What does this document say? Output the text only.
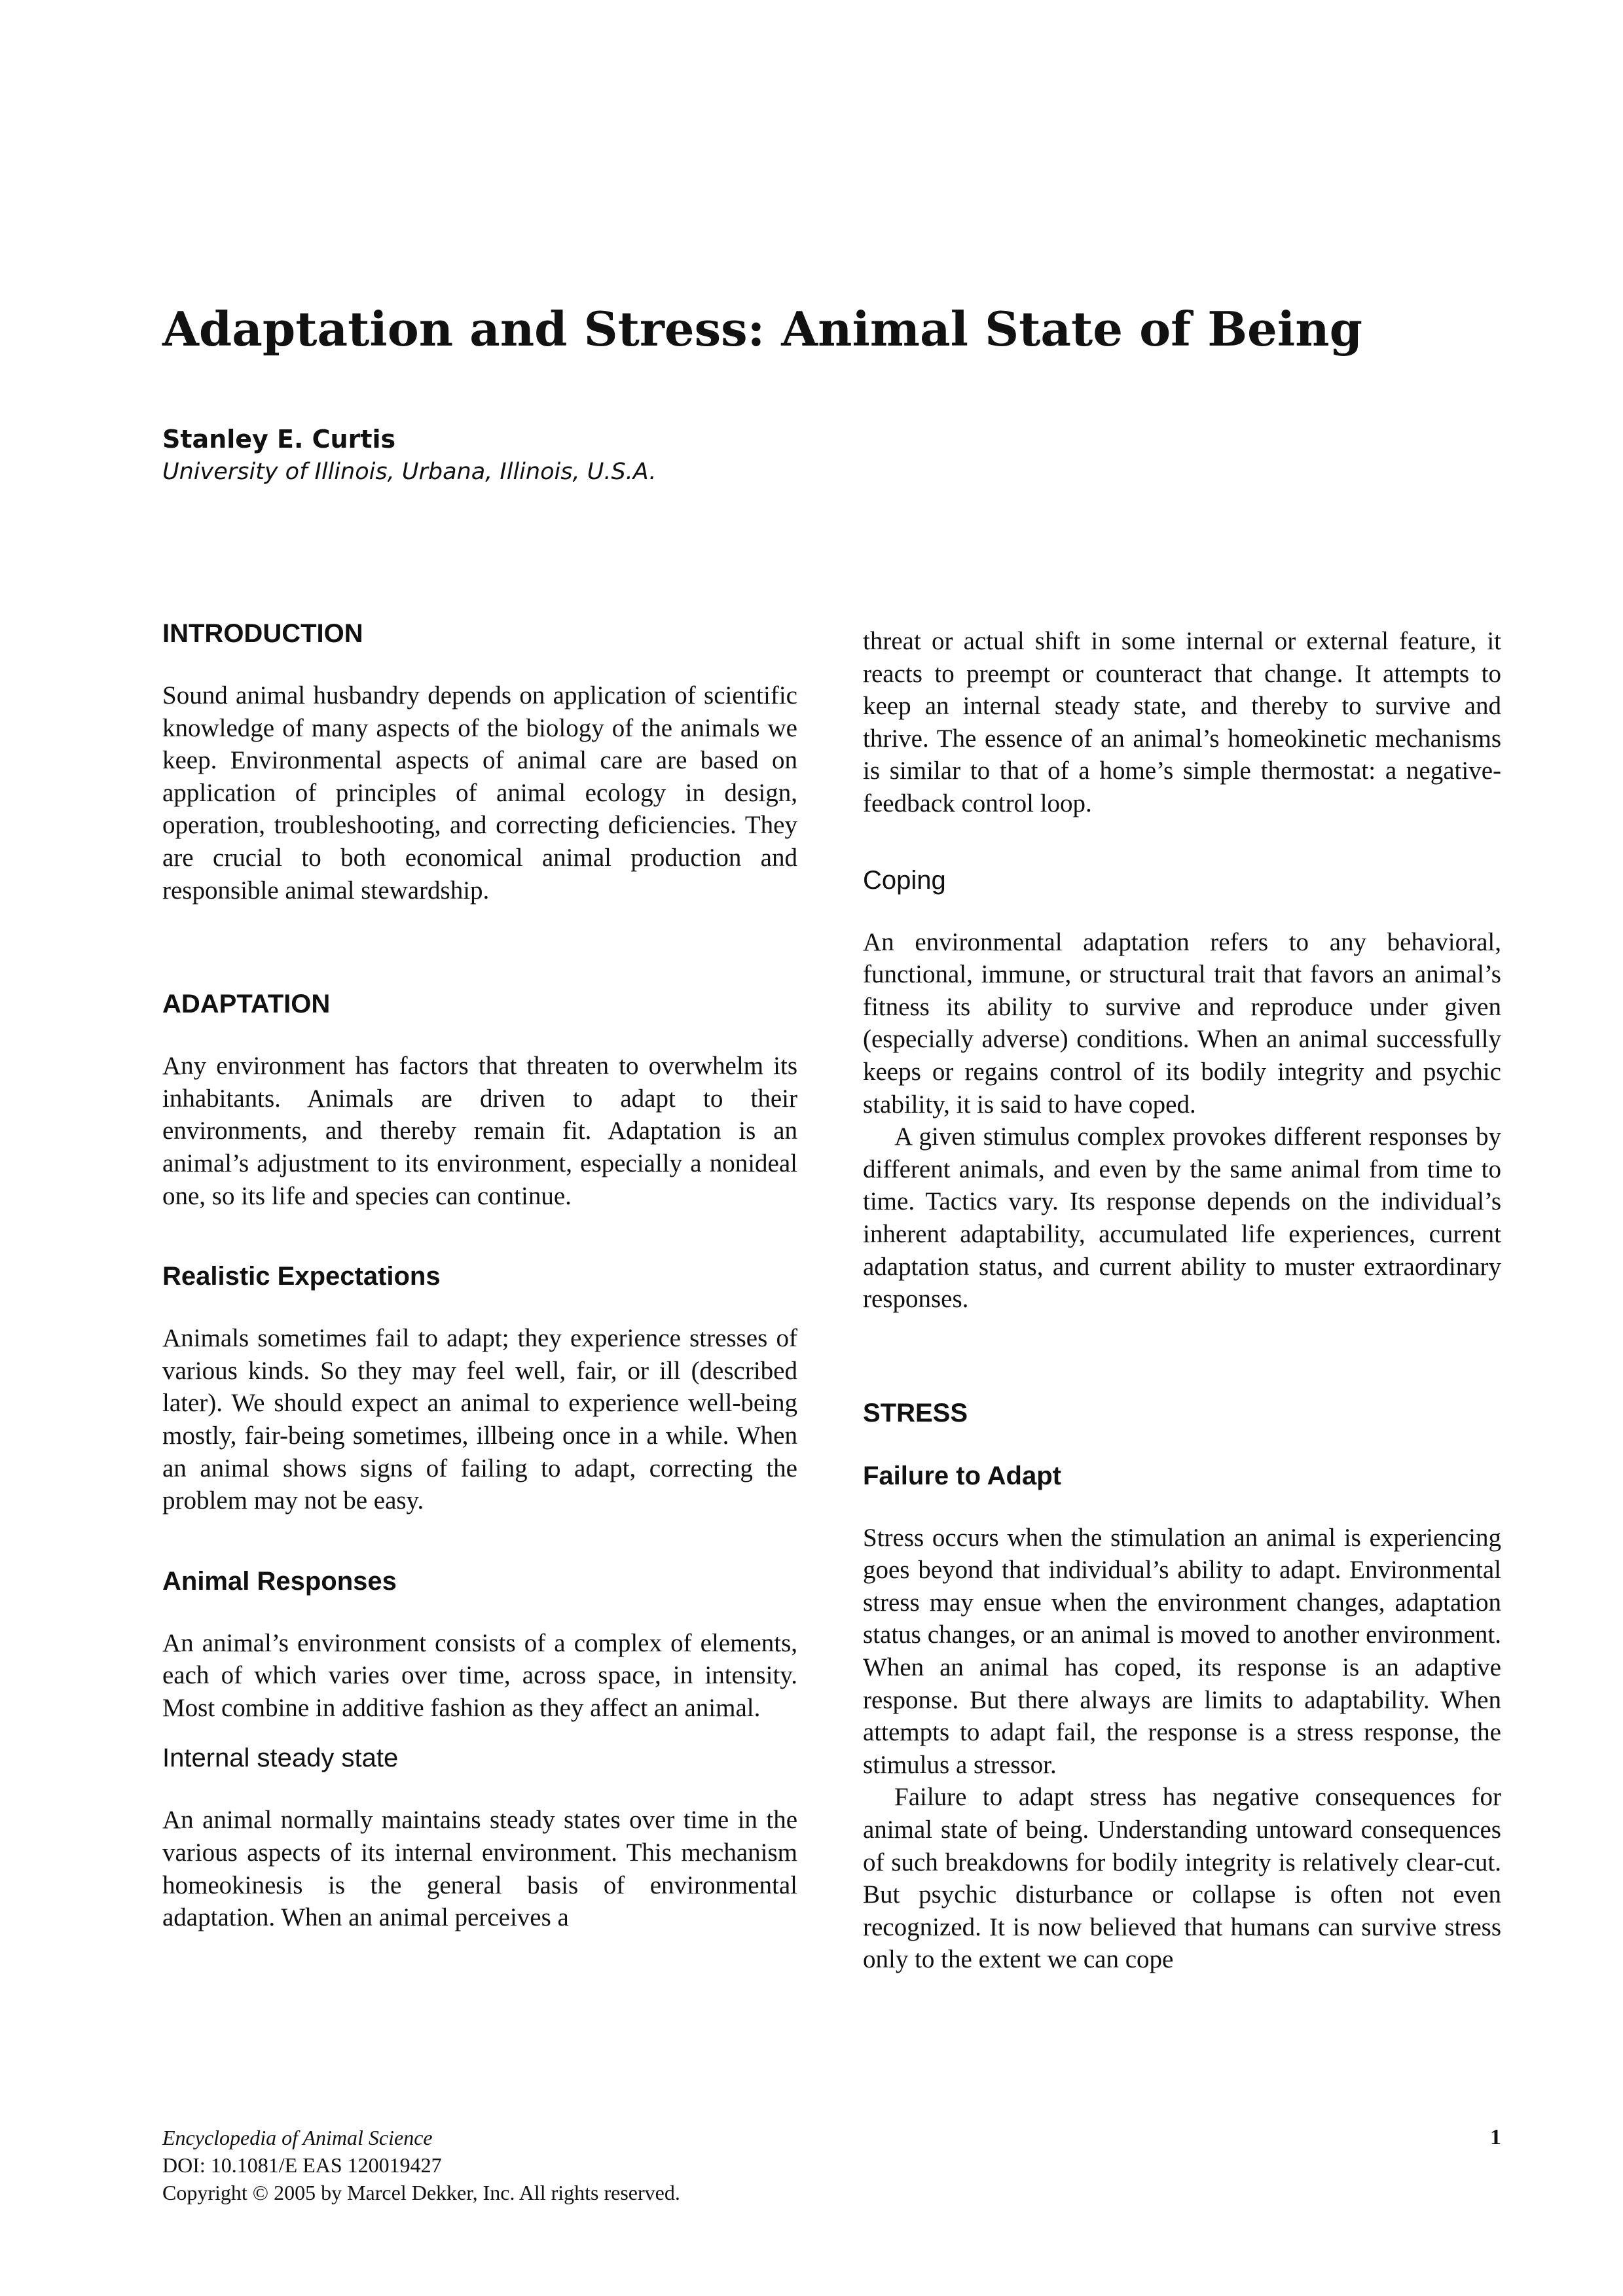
Adaptation and Stress: Animal State of Being
Stanley E. Curtis
University of Illinois, Urbana, Illinois, U.S.A.
INTRODUCTION

Sound animal husbandry depends on application of scientific knowledge of many aspects of the biology of the animals we keep. Environmental aspects of animal care are based on application of principles of animal ecology in design, operation, troubleshooting, and correcting deficiencies. They are crucial to both economical animal production and responsible animal stewardship.

ADAPTATION

Any environment has factors that threaten to overwhelm its inhabitants. Animals are driven to adapt to their environments, and thereby remain fit. Adaptation is an animal’s adjustment to its environment, especially a nonideal one, so its life and species can continue.

Realistic Expectations

Animals sometimes fail to adapt; they experience stresses of various kinds. So they may feel well, fair, or ill (described later). We should expect an animal to experience well-being mostly, fair-being sometimes, illbeing once in a while. When an animal shows signs of failing to adapt, correcting the problem may not be easy.

Animal Responses

An animal’s environment consists of a complex of elements, each of which varies over time, across space, in intensity. Most combine in additive fashion as they affect an animal.

Internal steady state

An animal normally maintains steady states over time in the various aspects of its internal environment. This mechanism homeokinesis is the general basis of environmental adaptation. When an animal perceives a

threat or actual shift in some internal or external feature, it reacts to preempt or counteract that change. It attempts to keep an internal steady state, and thereby to survive and thrive. The essence of an animal’s homeokinetic mechanisms is similar to that of a home’s simple thermostat: a negative-feedback control loop.

Coping

An environmental adaptation refers to any behavioral, functional, immune, or structural trait that favors an animal’s fitness its ability to survive and reproduce under given (especially adverse) conditions. When an animal successfully keeps or regains control of its bodily integrity and psychic stability, it is said to have coped.

A given stimulus complex provokes different responses by different animals, and even by the same animal from time to time. Tactics vary. Its response depends on the individual’s inherent adaptability, accumulated life experiences, current adaptation status, and current ability to muster extraordinary responses.

STRESS
Failure to Adapt

Stress occurs when the stimulation an animal is experiencing goes beyond that individual’s ability to adapt. Environmental stress may ensue when the environment changes, adaptation status changes, or an animal is moved to another environment. When an animal has coped, its response is an adaptive response. But there always are limits to adaptability. When attempts to adapt fail, the response is a stress response, the stimulus a stressor.

Failure to adapt stress has negative consequences for animal state of being. Understanding untoward consequences of such breakdowns for bodily integrity is relatively clear-cut. But psychic disturbance or collapse is often not even recognized. It is now believed that humans can survive stress only to the extent we can cope

Encyclopedia of Animal Science
DOI: 10.1081/E EAS 120019427
Copyright © 2005 by Marcel Dekker, Inc. All rights reserved.
1
